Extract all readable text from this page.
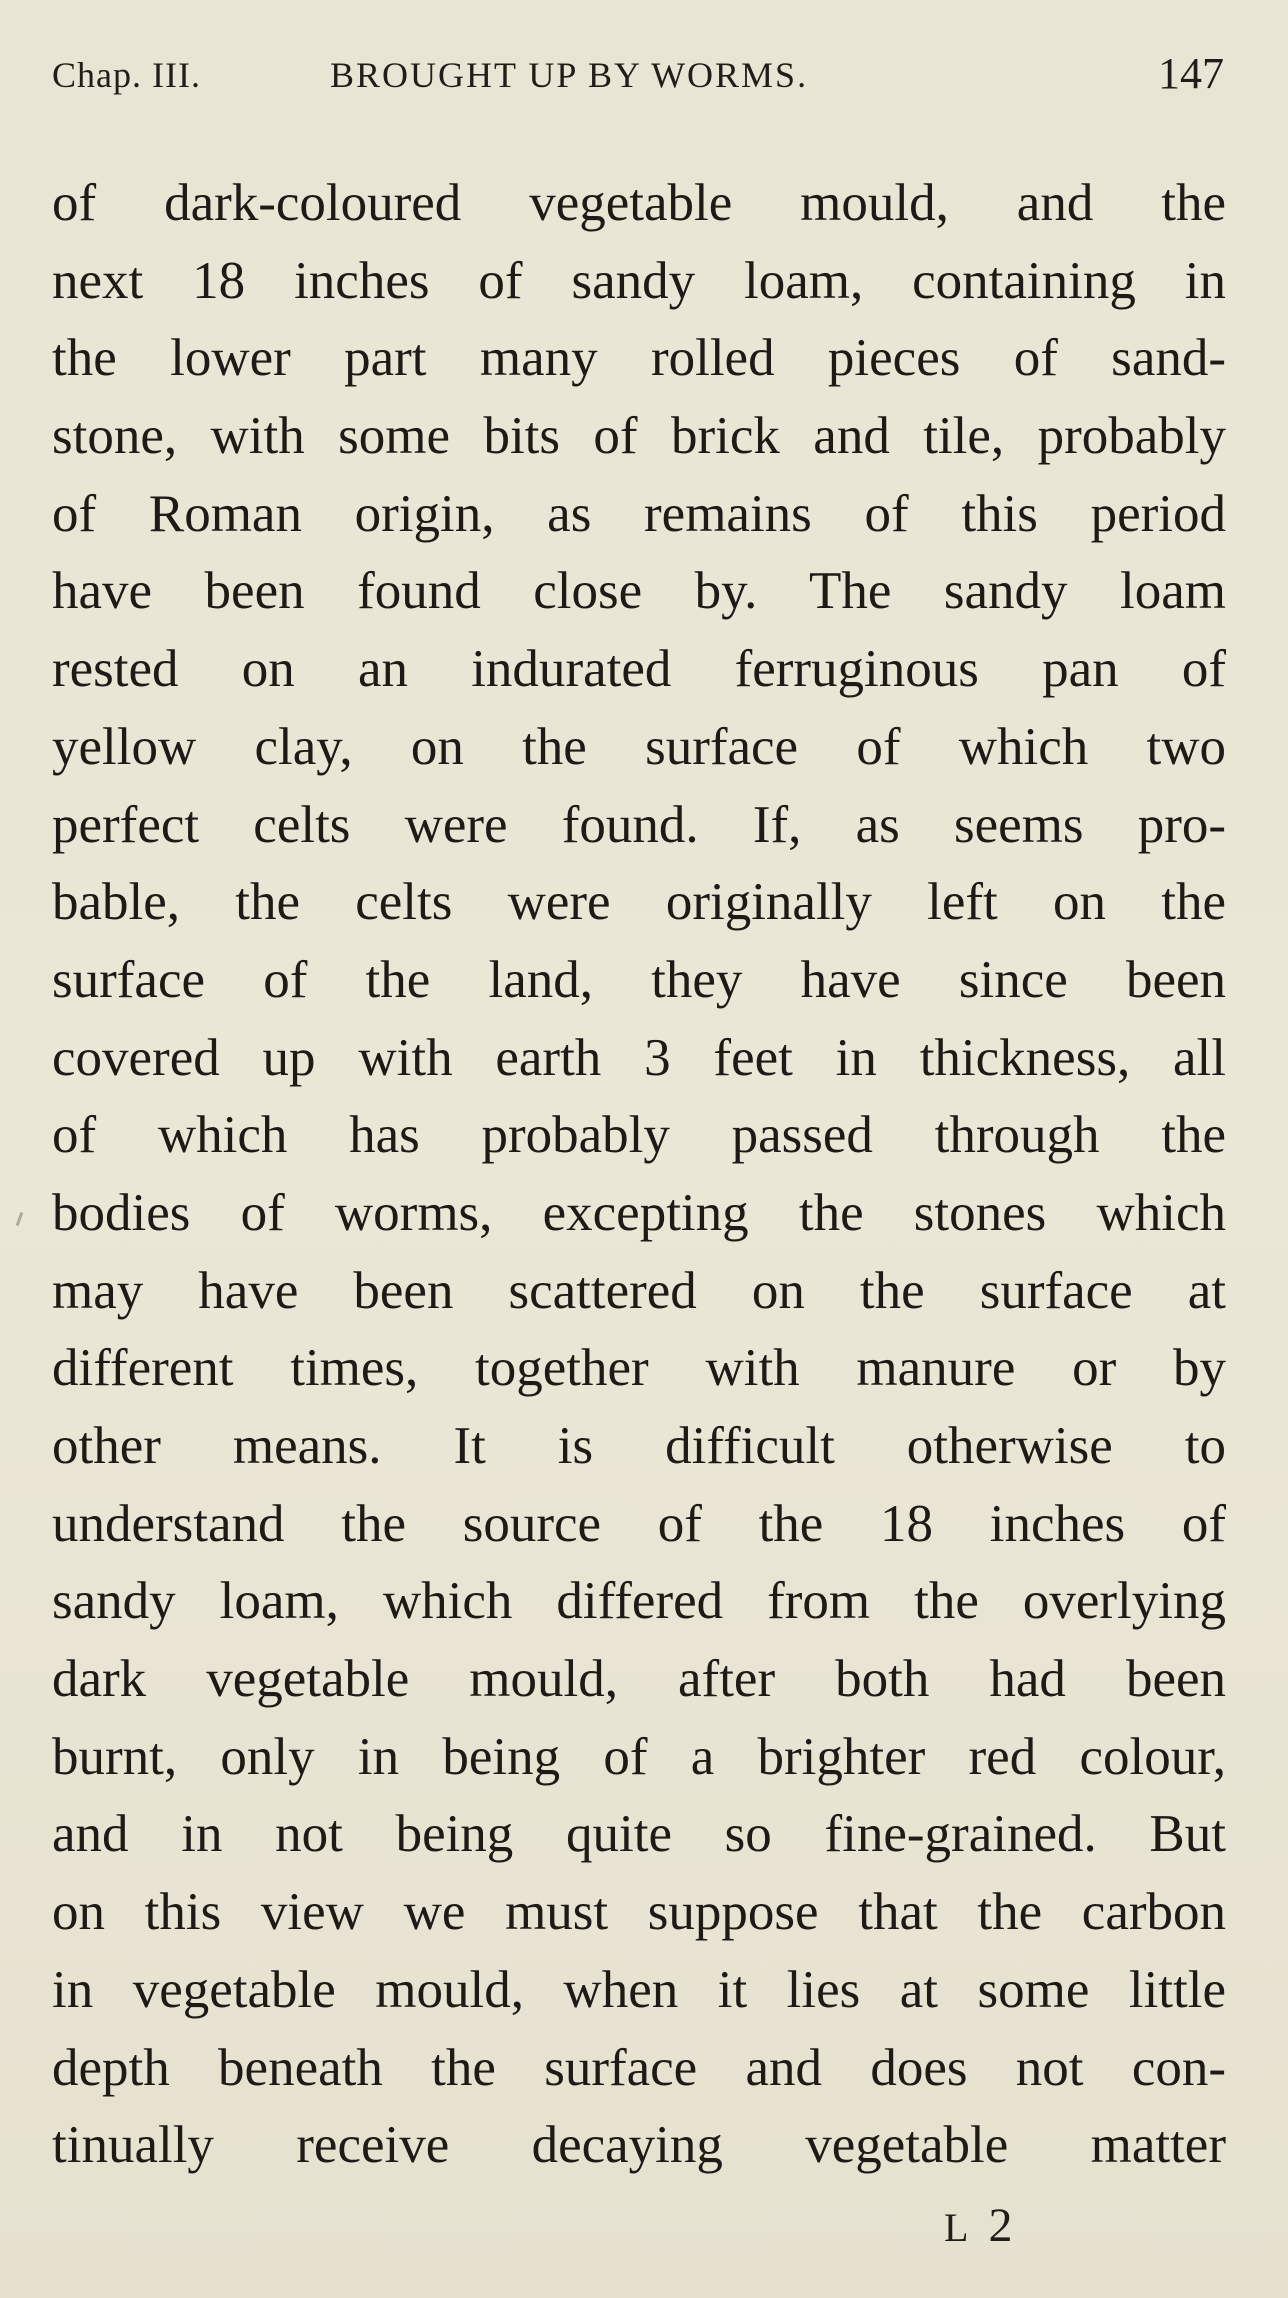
Chap. III.	BROUGHT UP BY WORMS.	147
of dark-coloured vegetable mould, and the
next 18 inches of sandy loam, containing in
the lower part many rolled pieces of sand-
stone, with some bits of brick and tile, probably
of Roman origin, as remains of this period
have been found close by. The sandy loam
rested on an indurated ferruginous pan of
yellow clay, on the surface of which two
perfect celts were found. If, as seems pro-
bable, the celts were originally left on the
surface of the land, they have since been
covered up with earth 3 feet in thickness, all
of which has probably passed through the
bodies of worms, excepting the stones which
may have been scattered on the surface at
different times, together with manure or by
other means. It is difficult otherwise to
understand the source of the 18 inches of
sandy loam, which differed from the overlying
dark vegetable mould, after both had been
burnt, only in being of a brighter red colour,
and in not being quite so fine-grained. But
on this view we must suppose that the carbon
in vegetable mould, when it lies at some little
depth beneath the surface and does not con-
tinually receive decaying vegetable matter
L 2
